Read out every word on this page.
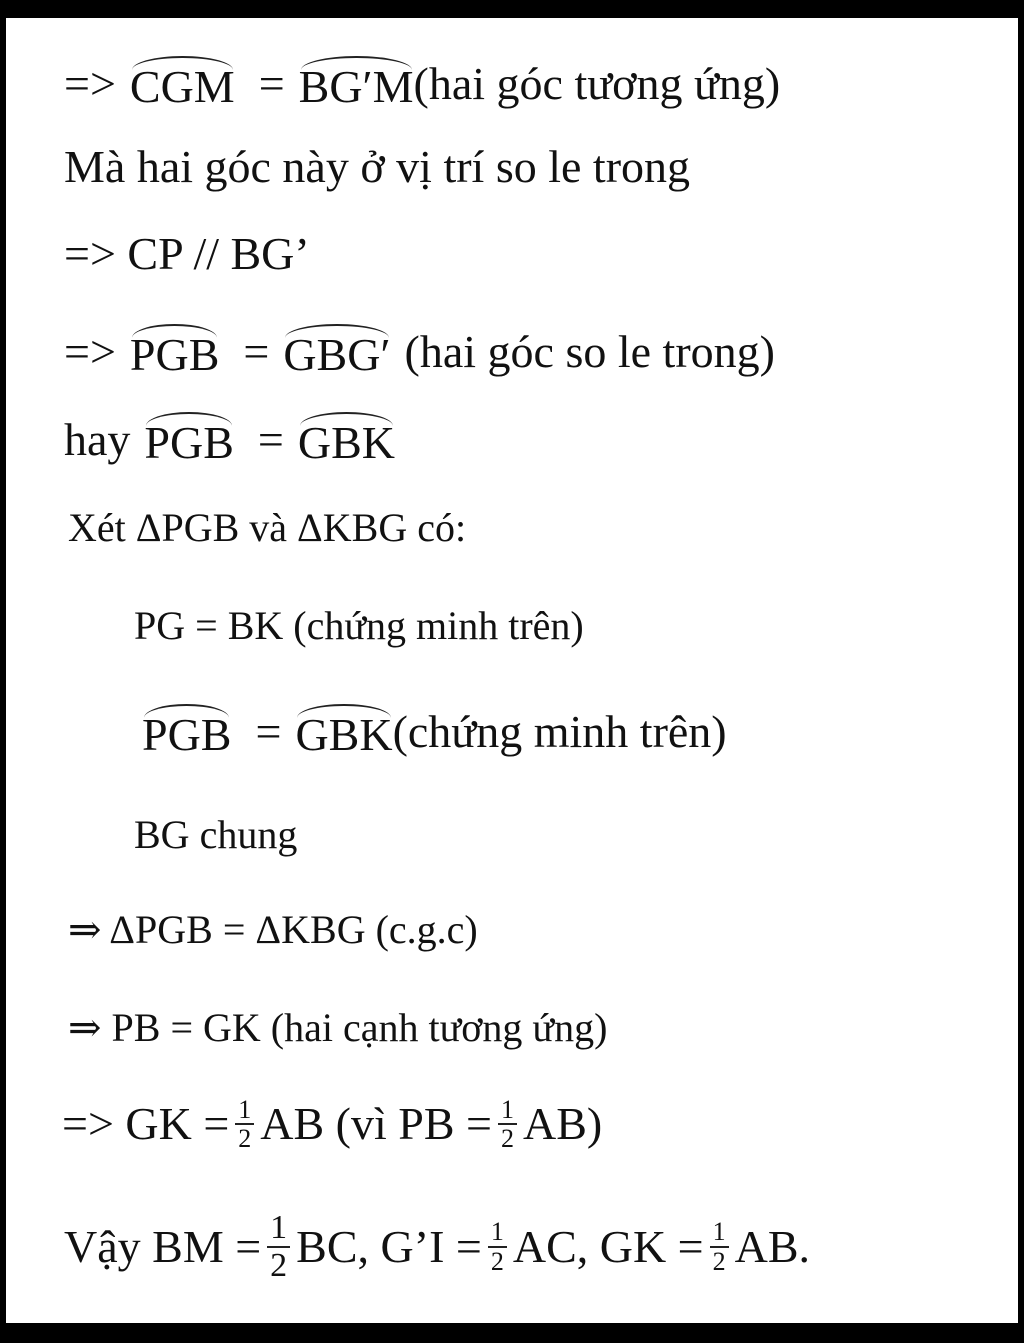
=> CGM = BG′M (hai góc tương ứng)
Mà hai góc này ở vị trí so le trong
=> CP // BG’
=> PGB = GBG′ (hai góc so le trong)
hay PGB = GBK
Xét ΔPGB và ΔKBG có:
PG = BK (chứng minh trên)
PGB = GBK (chứng minh trên)
BG chung
⇒ ΔPGB = ΔKBG (c.g.c)
⇒ PB = GK (hai cạnh tương ứng)
=> GK = $\frac{1}{2}$ AB (vì PB = $\frac{1}{2} AB$)
Vậy BM = $\frac{1}{2}$ BC, G’I = $\frac{1}{2}$ AC, GK = $\frac{1}{2}$ AB.
